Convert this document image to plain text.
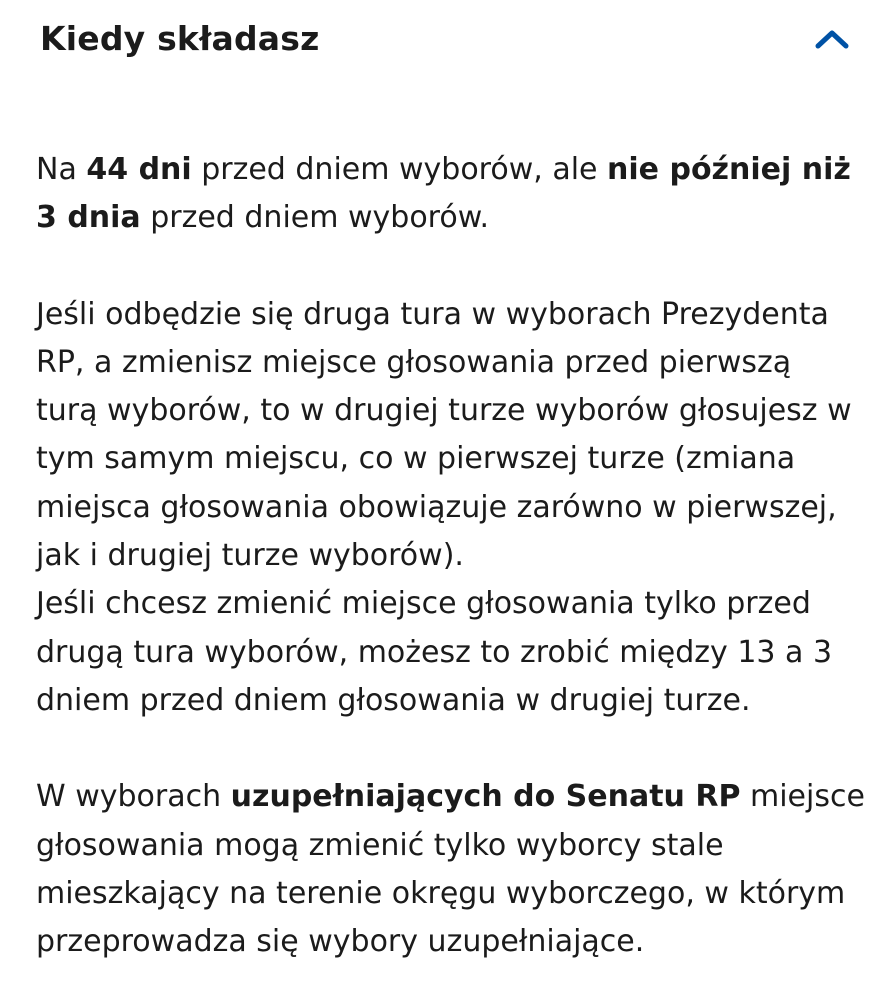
Kiedy składasz

Na 44 dni przed dniem wyborów, ale nie później niż
3 dnia przed dniem wyborów.

Jeśli odbędzie się druga tura w wyborach Prezydenta
RP, a zmienisz miejsce głosowania przed pierwszą
turą wyborów, to w drugiej turze wyborów głosujesz w
tym samym miejscu, co w pierwszej turze (zmiana
miejsca głosowania obowiązuje zarówno w pierwszej,
jak i drugiej turze wyborów).

Jeśli chcesz zmienić miejsce głosowania tylko przed
drugą tura wyborów, możesz to zrobić między 13 a 3
dniem przed dniem głosowania w drugiej turze.

W wyborach uzupełniających do Senatu RP miejsce
głosowania mogą zmienić tylko wyborcy stale
mieszkający na terenie okręgu wyborczego, w którym
przeprowadza się wybory uzupełniające.
